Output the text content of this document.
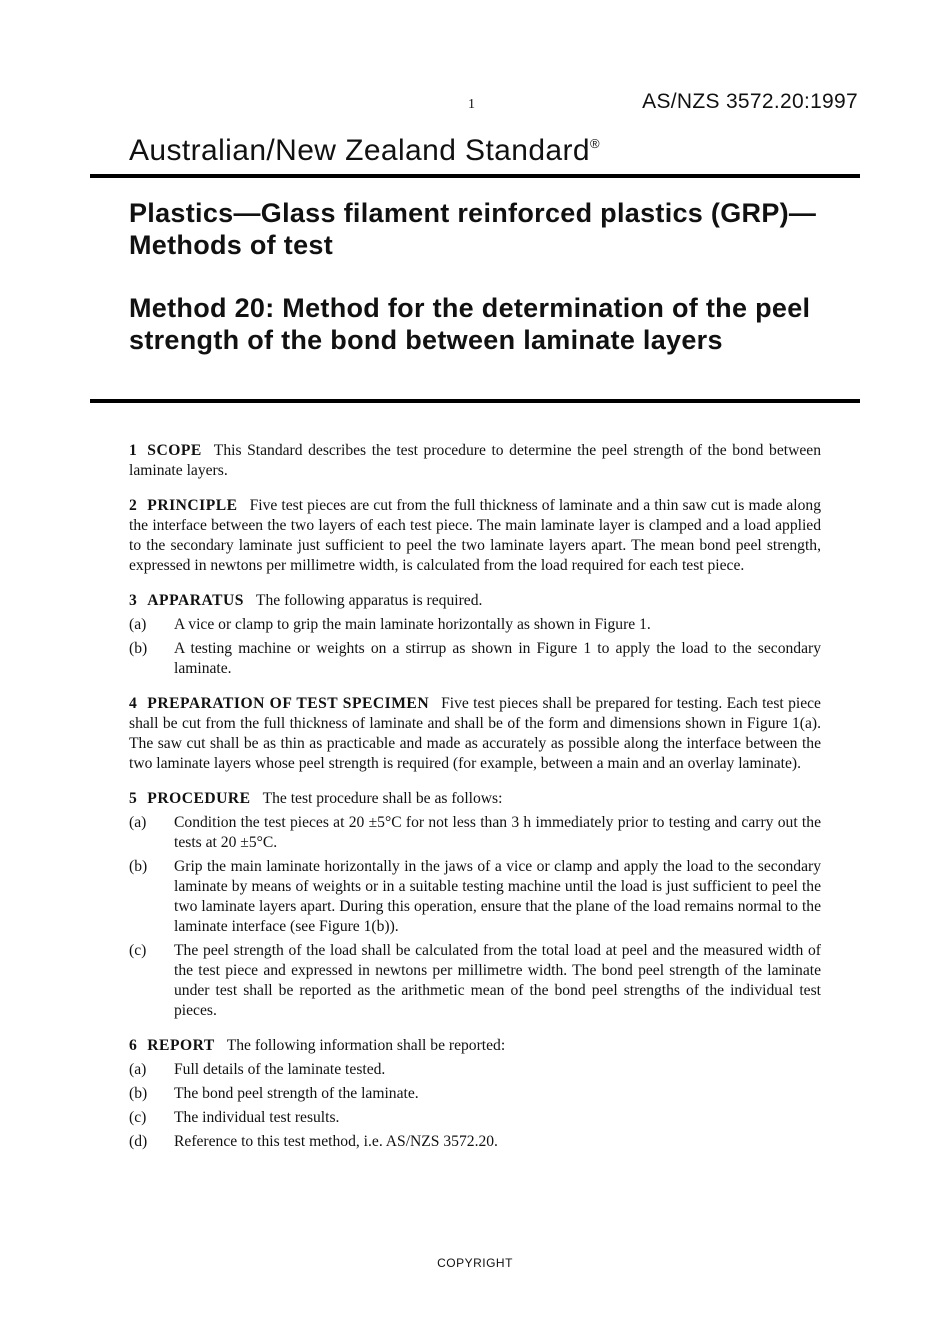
1	AS/NZS 3572.20:1997
Australian/New Zealand Standard®
Plastics—Glass filament reinforced plastics (GRP)—Methods of test
Method 20: Method for the determination of the peel strength of the bond between laminate layers

1 SCOPE This Standard describes the test procedure to determine the peel strength of the bond between laminate layers.

2 PRINCIPLE Five test pieces are cut from the full thickness of laminate and a thin saw cut is made along the interface between the two layers of each test piece. The main laminate layer is clamped and a load applied to the secondary laminate just sufficient to peel the two laminate layers apart. The mean bond peel strength, expressed in newtons per millimetre width, is calculated from the load required for each test piece.

3 APPARATUS The following apparatus is required.

(a)	A vice or clamp to grip the main laminate horizontally as shown in Figure 1.
(b)	A testing machine or weights on a stirrup as shown in Figure 1 to apply the load to the secondary laminate.

4 PREPARATION OF TEST SPECIMEN Five test pieces shall be prepared for testing. Each test piece shall be cut from the full thickness of laminate and shall be of the form and dimensions shown in Figure 1(a). The saw cut shall be as thin as practicable and made as accurately as possible along the interface between the two laminate layers whose peel strength is required (for example, between a main and an overlay laminate).

5 PROCEDURE The test procedure shall be as follows:

(a)	Condition the test pieces at 20 ±5°C for not less than 3 h immediately prior to testing and carry out the tests at 20 ±5°C.
(b)	Grip the main laminate horizontally in the jaws of a vice or clamp and apply the load to the secondary laminate by means of weights or in a suitable testing machine until the load is just sufficient to peel the two laminate layers apart. During this operation, ensure that the plane of the load remains normal to the laminate interface (see Figure 1(b)).
(c)	The peel strength of the load shall be calculated from the total load at peel and the measured width of the test piece and expressed in newtons per millimetre width. The bond peel strength of the laminate under test shall be reported as the arithmetic mean of the bond peel strengths of the individual test pieces.

6 REPORT The following information shall be reported:

(a)	Full details of the laminate tested.
(b)	The bond peel strength of the laminate.
(c)	The individual test results.
(d)	Reference to this test method, i.e. AS/NZS 3572.20.
COPYRIGHT
